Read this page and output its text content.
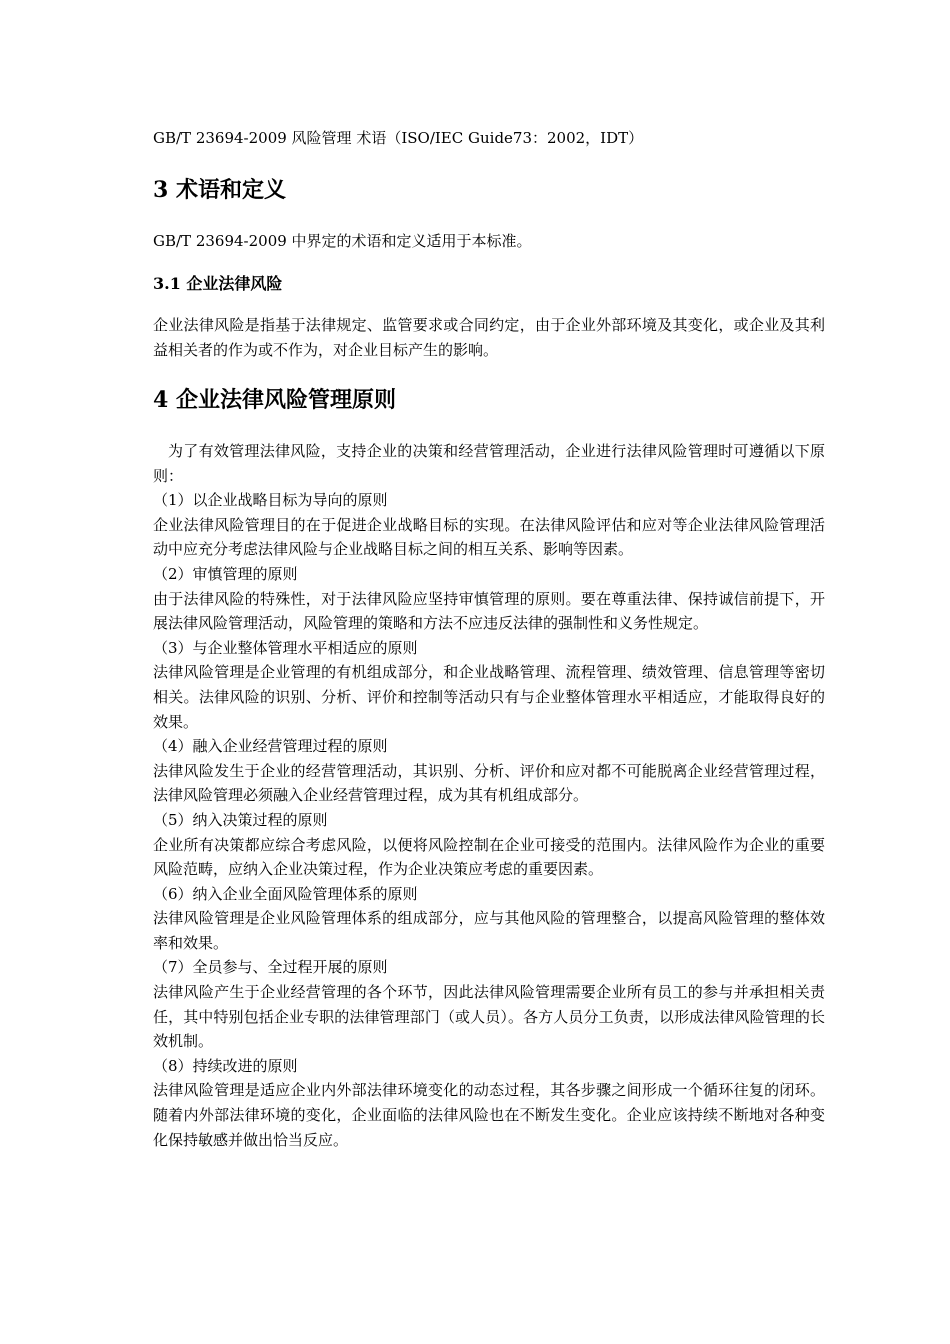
GB/T 23694-2009 风险管理 术语（ISO/IEC Guide73：2002，IDT）
3 术语和定义

GB/T 23694-2009 中界定的术语和定义适用于本标准。

3.1 企业法律风险

企业法律风险是指基于法律规定、监管要求或合同约定，由于企业外部环境及其变化，或企业及其利益相关者的作为或不作为，对企业目标产生的影响。

4 企业法律风险管理原则

为了有效管理法律风险，支持企业的决策和经营管理活动，企业进行法律风险管理时可遵循以下原则：

（1）以企业战略目标为导向的原则

企业法律风险管理目的在于促进企业战略目标的实现。在法律风险评估和应对等企业法律风险管理活动中应充分考虑法律风险与企业战略目标之间的相互关系、影响等因素。

（2）审慎管理的原则

由于法律风险的特殊性，对于法律风险应坚持审慎管理的原则。要在尊重法律、保持诚信前提下，开展法律风险管理活动，风险管理的策略和方法不应违反法律的强制性和义务性规定。

（3）与企业整体管理水平相适应的原则

法律风险管理是企业管理的有机组成部分，和企业战略管理、流程管理、绩效管理、信息管理等密切相关。法律风险的识别、分析、评价和控制等活动只有与企业整体管理水平相适应，才能取得良好的效果。

（4）融入企业经营管理过程的原则

法律风险发生于企业的经营管理活动，其识别、分析、评价和应对都不可能脱离企业经营管理过程，法律风险管理必须融入企业经营管理过程，成为其有机组成部分。

（5）纳入决策过程的原则

企业所有决策都应综合考虑风险，以便将风险控制在企业可接受的范围内。法律风险作为企业的重要风险范畴，应纳入企业决策过程，作为企业决策应考虑的重要因素。

（6）纳入企业全面风险管理体系的原则

法律风险管理是企业风险管理体系的组成部分，应与其他风险的管理整合，以提高风险管理的整体效率和效果。

（7）全员参与、全过程开展的原则

法律风险产生于企业经营管理的各个环节，因此法律风险管理需要企业所有员工的参与并承担相关责任，其中特别包括企业专职的法律管理部门（或人员）。各方人员分工负责，以形成法律风险管理的长效机制。

（8）持续改进的原则

法律风险管理是适应企业内外部法律环境变化的动态过程，其各步骤之间形成一个循环往复的闭环。随着内外部法律环境的变化，企业面临的法律风险也在不断发生变化。企业应该持续不断地对各种变化保持敏感并做出恰当反应。
